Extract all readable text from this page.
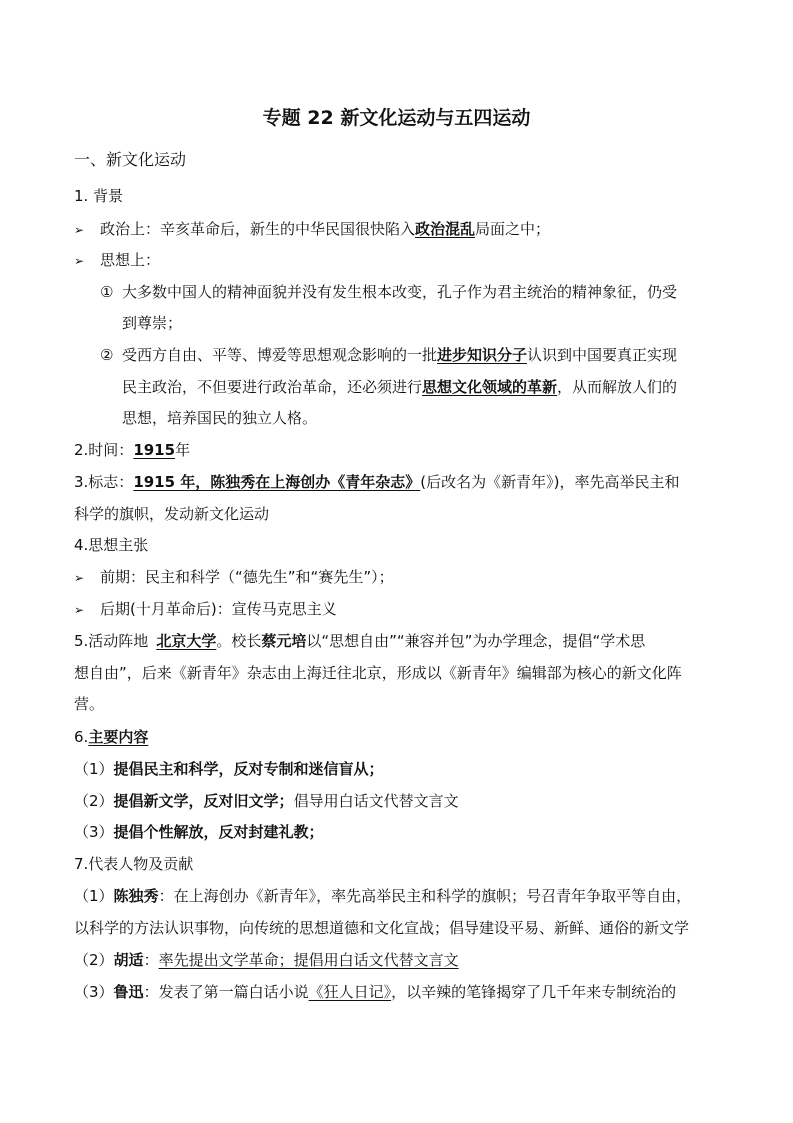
专题 22 新文化运动与五四运动
一、新文化运动
1. 背景
➢ 政治上：辛亥革命后，新生的中华民国很快陷入政治混乱局面之中；
➢ 思想上：
① 大多数中国人的精神面貌并没有发生根本改变，孔子作为君主统治的精神象征，仍受
到尊崇；
② 受西方自由、平等、博爱等思想观念影响的一批进步知识分子认识到中国要真正实现
民主政治，不但要进行政治革命，还必须进行思想文化领域的革新，从而解放人们的
思想，培养国民的独立人格。
2.时间：1915年
3.标志：1915 年，陈独秀在上海创办《青年杂志》(后改名为《新青年》)，率先高举民主和
科学的旗帜，发动新文化运动
4.思想主张
➢ 前期：民主和科学（“德先生”和“赛先生”）；
➢ 后期(十月革命后)：宣传马克思主义
5.活动阵地 北京大学。校长蔡元培以“思想自由”“兼容并包”为办学理念，提倡“学术思
想自由”，后来《新青年》杂志由上海迁往北京，形成以《新青年》编辑部为核心的新文化阵
营。
6.主要内容
（1）提倡民主和科学，反对专制和迷信盲从；
（2）提倡新文学，反对旧文学；倡导用白话文代替文言文
（3）提倡个性解放，反对封建礼教；
7.代表人物及贡献
（1）陈独秀：在上海创办《新青年》，率先高举民主和科学的旗帜；号召青年争取平等自由，
以科学的方法认识事物，向传统的思想道德和文化宣战；倡导建设平易、新鲜、通俗的新文学
（2）胡适：率先提出文学革命；提倡用白话文代替文言文
（3）鲁迅：发表了第一篇白话小说《狂人日记》，以辛辣的笔锋揭穿了几千年来专制统治的
